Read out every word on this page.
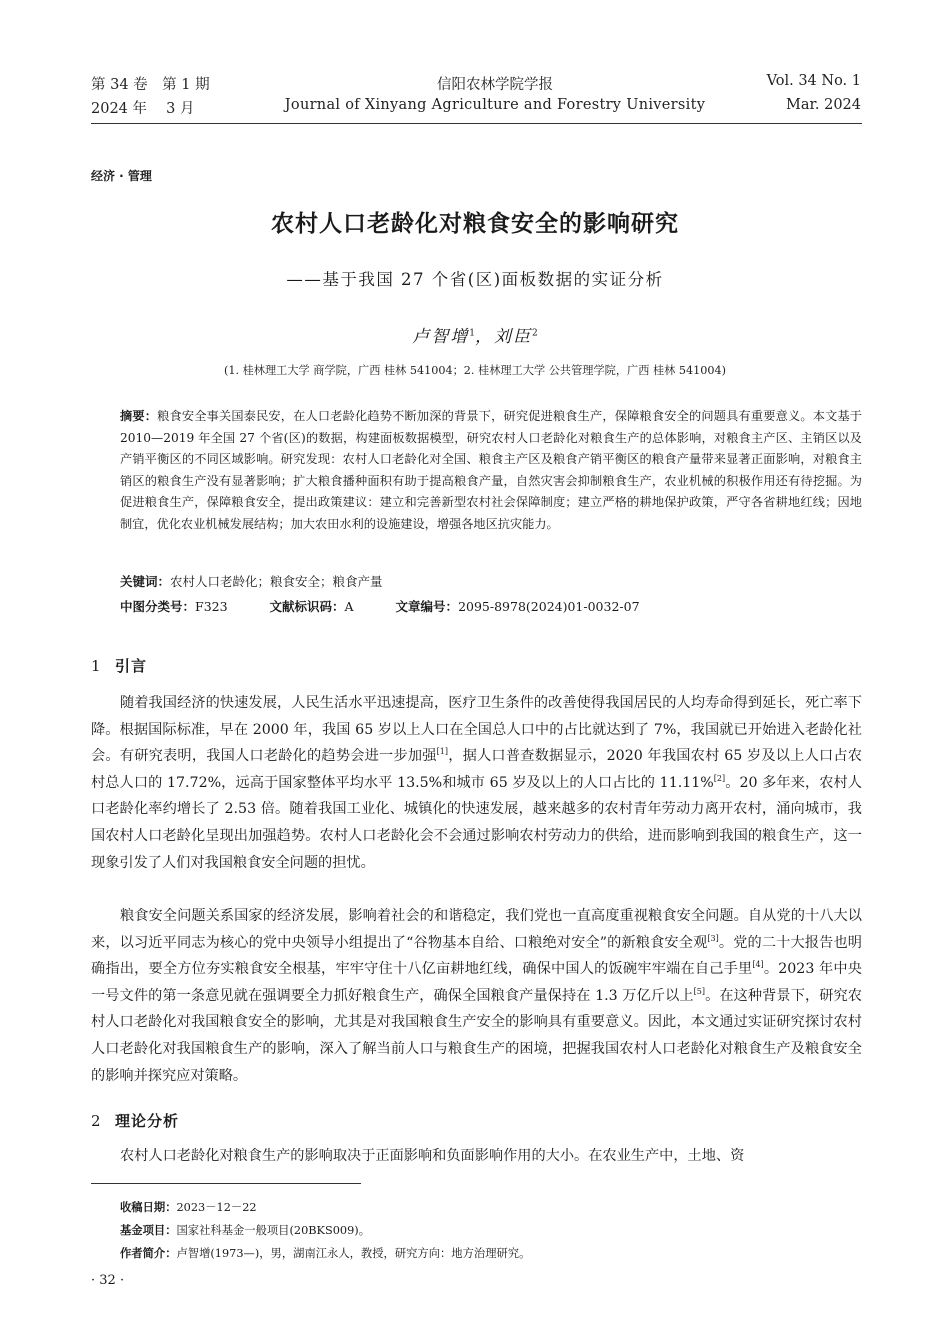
第 34 卷　第 1 期
2024 年　 3 月
信阳农林学院学报
Journal of Xinyang Agriculture and Forestry University
Vol. 34 No. 1
Mar. 2024
经济 · 管理
农村人口老龄化对粮食安全的影响研究
——基于我国 27 个省(区)面板数据的实证分析
卢智增$^1$，刘臣$^2$
(1. 桂林理工大学 商学院，广西 桂林 541004；2. 桂林理工大学 公共管理学院，广西 桂林 541004)
摘要：粮食安全事关国泰民安，在人口老龄化趋势不断加深的背景下，研究促进粮食生产，保障粮食安全的问题具有重要意义。本文基于 2010—2019 年全国 27 个省(区)的数据，构建面板数据模型，研究农村人口老龄化对粮食生产的总体影响，对粮食主产区、主销区以及产销平衡区的不同区域影响。研究发现：农村人口老龄化对全国、粮食主产区及粮食产销平衡区的粮食产量带来显著正面影响，对粮食主销区的粮食生产没有显著影响；扩大粮食播种面积有助于提高粮食产量，自然灾害会抑制粮食生产，农业机械的积极作用还有待挖掘。为促进粮食生产，保障粮食安全，提出政策建议：建立和完善新型农村社会保障制度；建立严格的耕地保护政策，严守各省耕地红线；因地制宜，优化农业机械发展结构；加大农田水利的设施建设，增强各地区抗灾能力。
关键词：农村人口老龄化；粮食安全；粮食产量
中图分类号：F323	文献标识码：A	文章编号：2095-8978(2024)01-0032-07
1 引言
随着我国经济的快速发展，人民生活水平迅速提高，医疗卫生条件的改善使得我国居民的人均寿命得到延长，死亡率下降。根据国际标准，早在 2000 年，我国 65 岁以上人口在全国总人口中的占比就达到了 7%，我国就已开始进入老龄化社会。有研究表明，我国人口老龄化的趋势会进一步加强[1]，据人口普查数据显示，2020 年我国农村 65 岁及以上人口占农村总人口的 17.72%，远高于国家整体平均水平 13.5%和城市 65 岁及以上的人口占比的 11.11%[2]。20 多年来，农村人口老龄化率约增长了 2.53 倍。随着我国工业化、城镇化的快速发展，越来越多的农村青年劳动力离开农村，涌向城市，我国农村人口老龄化呈现出加强趋势。农村人口老龄化会不会通过影响农村劳动力的供给，进而影响到我国的粮食生产，这一现象引发了人们对我国粮食安全问题的担忧。
粮食安全问题关系国家的经济发展，影响着社会的和谐稳定，我们党也一直高度重视粮食安全问题。自从党的十八大以来，以习近平同志为核心的党中央领导小组提出了“谷物基本自给、口粮绝对安全”的新粮食安全观[3]。党的二十大报告也明确指出，要全方位夯实粮食安全根基，牢牢守住十八亿亩耕地红线，确保中国人的饭碗牢牢端在自己手里[4]。2023 年中央一号文件的第一条意见就在强调要全力抓好粮食生产，确保全国粮食产量保持在 1.3 万亿斤以上[5]。在这种背景下，研究农村人口老龄化对我国粮食安全的影响，尤其是对我国粮食生产安全的影响具有重要意义。因此，本文通过实证研究探讨农村人口老龄化对我国粮食生产的影响，深入了解当前人口与粮食生产的困境，把握我国农村人口老龄化对粮食生产及粮食安全的影响并探究应对策略。
2 理论分析
农村人口老龄化对粮食生产的影响取决于正面影响和负面影响作用的大小。在农业生产中，土地、资
收稿日期：2023－12－22
基金项目：国家社科基金一般项目(20BKS009)。
作者简介：卢智增(1973—)，男，湖南江永人，教授，研究方向：地方治理研究。
· 32 ·
